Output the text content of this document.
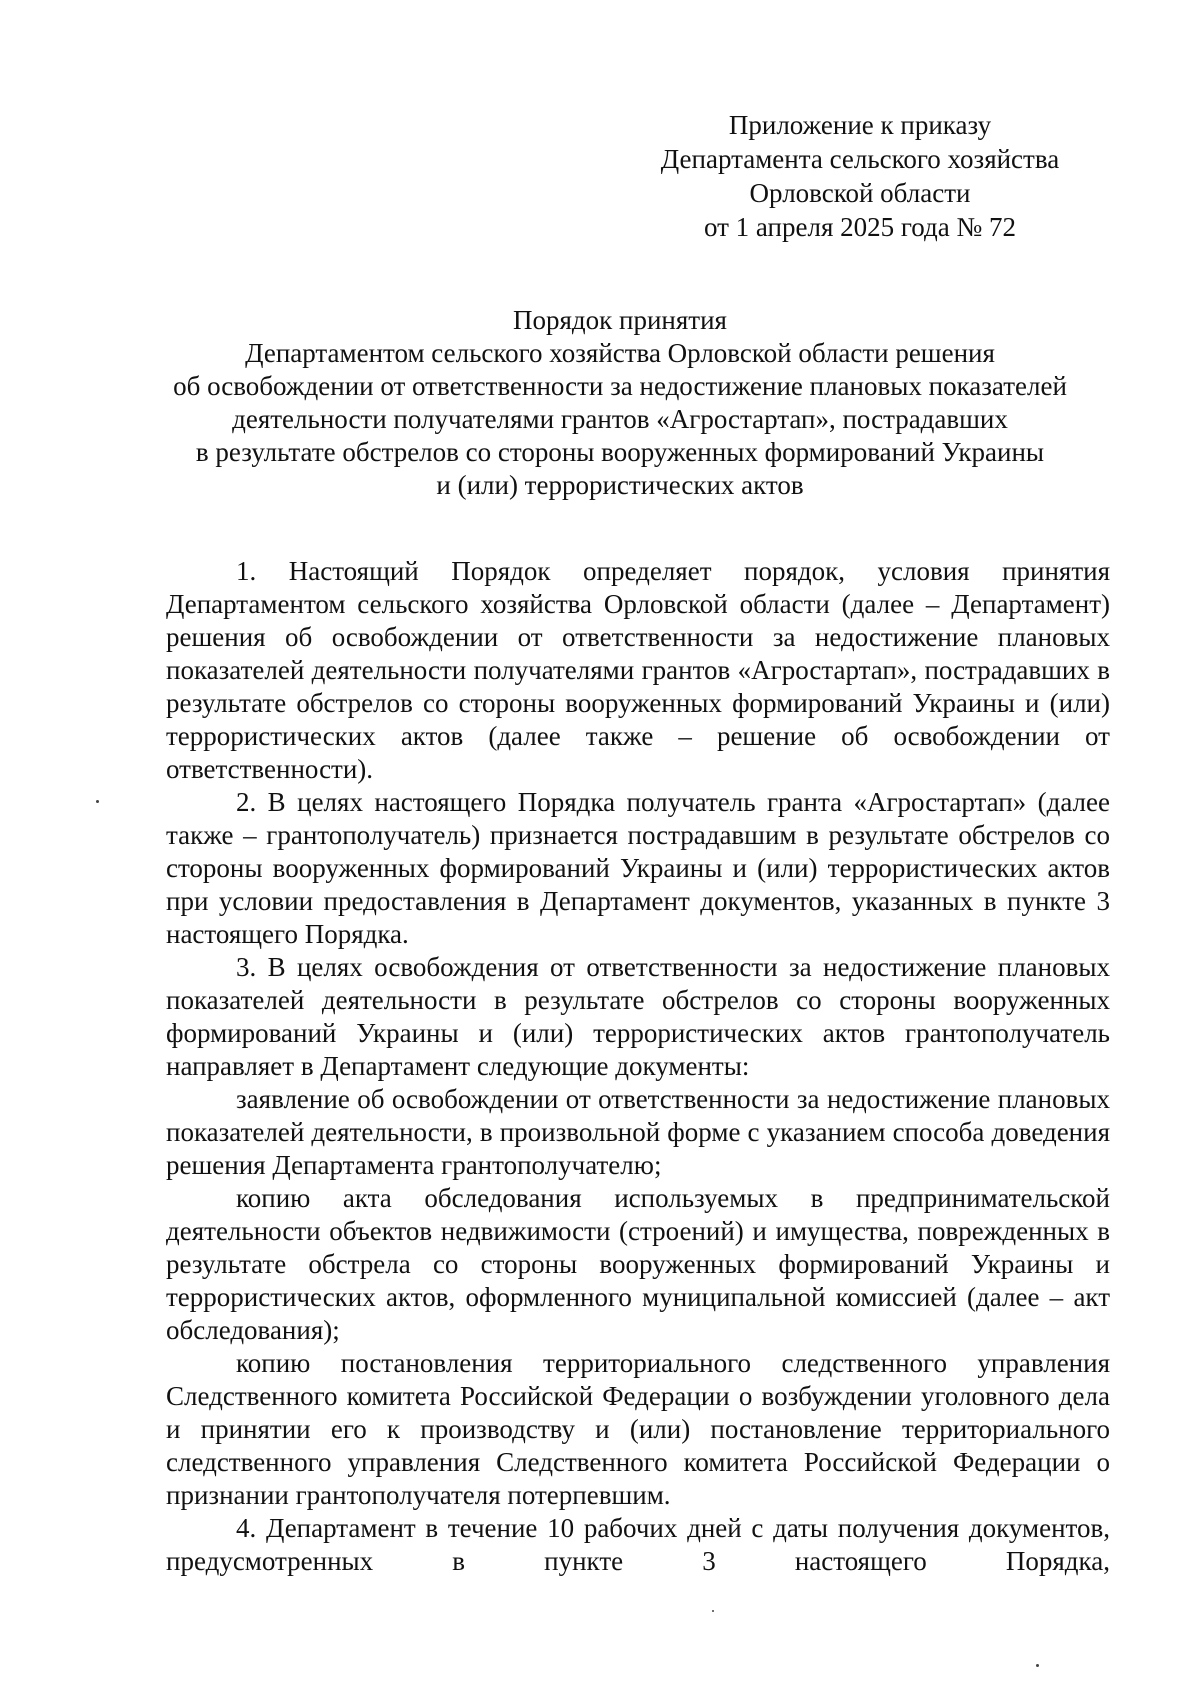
Приложение к приказу
Департамента сельского хозяйства
Орловской области
от 1 апреля 2025 года № 72
Порядок принятия
Департаментом сельского хозяйства Орловской области решения
об освобождении от ответственности за недостижение плановых показателей
деятельности получателями грантов «Агростартап», пострадавших
в результате обстрелов со стороны вооруженных формирований Украины
и (или) террористических актов

1. Настоящий Порядок определяет порядок, условия принятия Департаментом сельского хозяйства Орловской области (далее – Департамент) решения об освобождении от ответственности за недостижение плановых показателей деятельности получателями грантов «Агростартап», пострадавших в результате обстрелов со стороны вооруженных формирований Украины и (или) террористических актов (далее также – решение об освобождении от ответственности).

2. В целях настоящего Порядка получатель гранта «Агростартап» (далее также – грантополучатель) признается пострадавшим в результате обстрелов со стороны вооруженных формирований Украины и (или) террористических актов при условии предоставления в Департамент документов, указанных в пункте 3 настоящего Порядка.

3. В целях освобождения от ответственности за недостижение плановых показателей деятельности в результате обстрелов со стороны вооруженных формирований Украины и (или) террористических актов грантополучатель направляет в Департамент следующие документы:

заявление об освобождении от ответственности за недостижение плановых показателей деятельности, в произвольной форме с указанием способа доведения решения Департамента грантополучателю;

копию акта обследования используемых в предпринимательской деятельности объектов недвижимости (строений) и имущества, поврежденных в результате обстрела со стороны вооруженных формирований Украины и террористических актов, оформленного муниципальной комиссией (далее – акт обследования);

копию постановления территориального следственного управления Следственного комитета Российской Федерации о возбуждении уголовного дела и принятии его к производству и (или) постановление территориального следственного управления Следственного комитета Российской Федерации о признании грантополучателя потерпевшим.

4. Департамент в течение 10 рабочих дней с даты получения документов, предусмотренных в пункте 3 настоящего Порядка,
